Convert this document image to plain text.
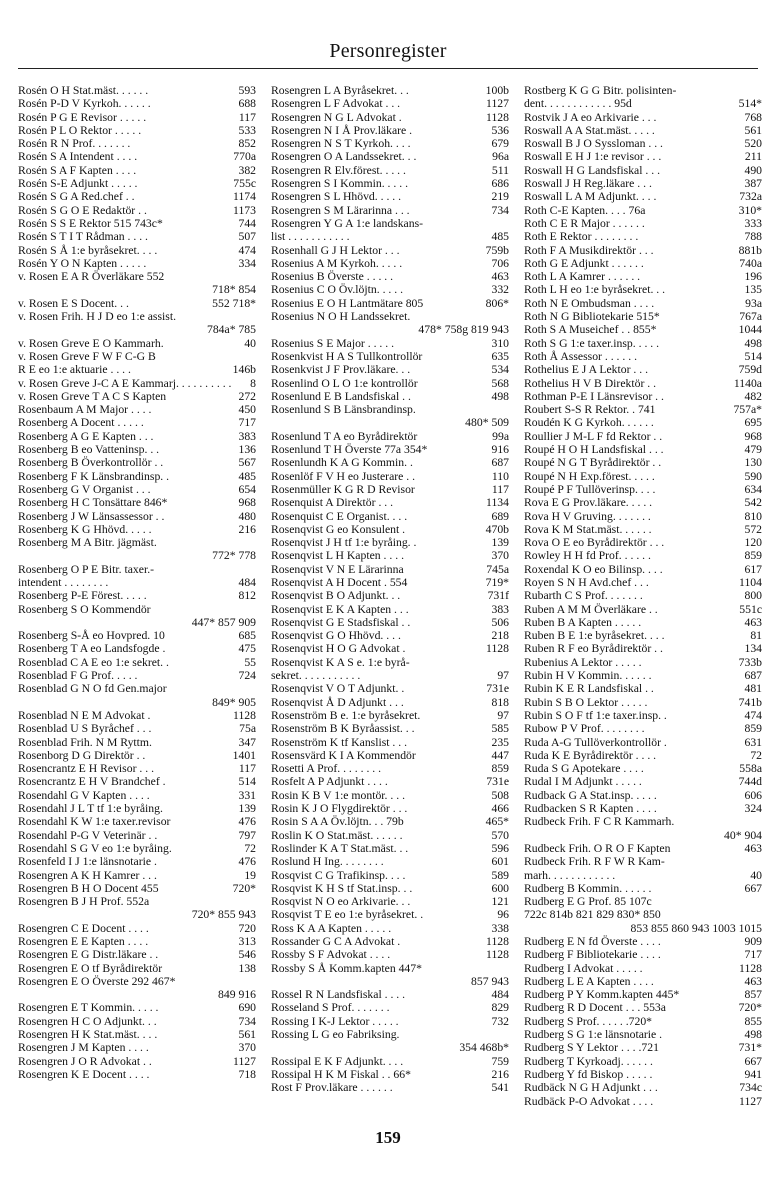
Personregister
Rosén O H Stat.mäst. . . . . .	593
Rosén P-D V Kyrkoh. . . . . .	688
Rosén P G E Revisor . . . . .	117
Rosén P L O Rektor . . . . .	533
Rosén R N Prof. . . . . . .	852
Rosén S A Intendent . . . .	770a
Rosén S A F Kapten . . . .	382
Rosén S-E Adjunkt . . . . .	755c
Rosén S G A Red.chef . .	1174
Rosén S G O E Redaktör . .	1173
Rosén S S E Rektor 515 743c*	744
Rosén S T I T Rådman . . . .	507
Rosén S Å 1:e byråsekret. . . .	474
Rosén Y O N Kapten . . . . .	334
v. Rosen E A R Överläkare 552
718* 854
v. Rosen E S Docent. . .	552 718*
v. Rosen Frih. H J D eo 1:e assist.
784a* 785
v. Rosen Greve E O Kammarh.	40
v. Rosen Greve F W F C-G B
R E eo 1:e aktuarie . . . .	146b
v. Rosen Greve J-C A E Kammarj. . . . . . . . . . 8
v. Rosen Greve T A C S Kapten	272
Rosenbaum A M Major . . . .	450
Rosenberg A Docent . . . . .	717
Rosenberg A G E Kapten . . .	383
Rosenberg B eo Vatteninsp. . .	136
Rosenberg B Överkontrollör . .	567
Rosenberg F K Länsbrandinsp. .	485
Rosenberg G V Organist . . .	654
Rosenberg H C Tonsättare 846*	968
Rosenberg J W Länsassessor . .	480
Rosenberg K G Hhövd. . . . .	216
Rosenberg M A Bitr. jägmäst.
772* 778
Rosenberg O P E Bitr. taxer.-
intendent . . . . . . . .	484
Rosenberg P-E Förest. . . . .	812
Rosenberg S O Kommendör
447* 857 909
Rosenberg S-Å eo Hovpred. 10	685
Rosenberg T A eo Landsfogde .	475
Rosenblad C A E eo 1:e sekret. .	55
Rosenblad F G Prof. . . . .	724
Rosenblad G N O fd Gen.major
849* 905
Rosenblad N E M Advokat .	1128
Rosenblad U S Byråchef . . .	75a
Rosenblad Frih. N M Ryttm.	347
Rosenborg D G Direktör . .	1401
Rosencrantz E H Revisor . . .	117
Rosencrantz E H V Brandchef .	514
Rosendahl G V Kapten . . . .	331
Rosendahl J L T tf 1:e byråing.	139
Rosendahl K W 1:e taxer.revisor	476
Rosendahl P-G V Veterinär . .	797
Rosendahl S G V eo 1:e byråing.	72
Rosenfeld I J 1:e länsnotarie .	476
Rosengren A K H Kamrer . . .	19
Rosengren B H O Docent 455	720*
Rosengren B J H Prof. 552a
720* 855 943
Rosengren C E Docent . . . .	720
Rosengren E E Kapten . . . .	313
Rosengren E G Distr.läkare . .	546
Rosengren E O tf Byrådirektör	138
Rosengren E O Överste 292 467*
849 916
Rosengren E T Kommin. . . . .	690
Rosengren H C O Adjunkt. . .	734
Rosengren H K Stat.mäst. . . .	561
Rosengren J M Kapten . . . .	370
Rosengren J O R Advokat . .	1127
Rosengren K E Docent . . . .	718
Rosengren L A Byråsekret. . .	100b
Rosengren L F Advokat . . .	1127
Rosengren N G L Advokat .	1128
Rosengren N I Å Prov.läkare .	536
Rosengren N S T Kyrkoh. . . .	679
Rosengren O A Landssekret. . .	96a
Rosengren R Elv.förest. . . . .	511
Rosengren S I Kommin. . . . .	686
Rosengren S L Hhövd. . . . .	219
Rosengren S M Lärarinna . . .	734
Rosengren Y G A 1:e landskans-
list . . . . . . . . . . .	485
Rosenhall G J H Lektor . . .	759b
Rosenius A M Kyrkoh. . . . .	706
Rosenius B Överste . . . . .	463
Rosenius C O Öv.löjtn. . . . .	332
Rosenius E O H Lantmätare 805	806*
Rosenius N O H Landssekret.
478* 758g 819 943
Rosenius S E Major . . . . .	310
Rosenkvist H A S Tullkontrollör	635
Rosenkvist J F Prov.läkare. . .	534
Rosenlind O L O 1:e kontrollör	568
Rosenlund E B Landsfiskal . .	498
Rosenlund S B Länsbrandinsp.
480* 509
Rosenlund T A eo Byrådirektör	99a
Rosenlund T H Överste 77a 354*	916
Rosenlundh K A G Kommin. .	687
Rosenlöf F V H eo Justerare . .	110
Rosenmüller K G R D Revisor	117
Rosenquist A Direktör . . .	1134
Rosenquist C E Organist. . . .	689
Rosenqvist G eo Konsulent .	470b
Rosenqvist J H tf 1:e byråing. .	139
Rosenqvist L H Kapten . . . .	370
Rosenqvist V N E Lärarinna	745a
Rosenqvist A H Docent . 554	719*
Rosenqvist B O Adjunkt. . .	731f
Rosenqvist E K A Kapten . . .	383
Rosenqvist G E Stadsfiskal . .	506
Rosenqvist G O Hhövd. . . .	218
Rosenqvist H O G Advokat .	1128
Rosenqvist K A S e. 1:e byrå-
sekret. . . . . . . . . . .	97
Rosenqvist V O T Adjunkt. .	731e
Rosenqvist Å D Adjunkt . . .	818
Rosenström B e. 1:e byråsekret.	97
Rosenström B K Byråassist. . .	585
Rosenström K tf Kanslist . . .	235
Rosensvärd K I A Kommendör	447
Rosetti A Prof. . . . . . . .	859
Rosfelt A P Adjunkt . . . .	731e
Rosin K B V 1:e montör. . . .	508
Rosin K J O Flygdirektör . . .	466
Rosin S A A Öv.löjtn. . . 79b	465*
Roslin K O Stat.mäst. . . . . .	570
Roslinder K A T Stat.mäst. . .	596
Roslund H Ing. . . . . . . .	601
Rosqvist C G Trafikinsp. . . .	589
Rosqvist K H S tf Stat.insp. . .	600
Rosqvist N O eo Arkivarie. . .	121
Rosqvist T E eo 1:e byråsekret. .	96
Ross K A A Kapten . . . . .	338
Rossander G C A Advokat .	1128
Rossby S F Advokat . . . .	1128
Rossby S Å Komm.kapten 447*
857 943
Rossel R N Landsfiskal . . . .	484
Rosseland S Prof. . . . . . .	829
Rossing I K-J Lektor . . . . .	732
Rossing L G eo Fabriksing.
354 468b*
Rossipal E K F Adjunkt. . . .	759
Rossipal H K M Fiskal . . 66*	216
Rost F Prov.läkare . . . . . .	541
Rostberg K G G Bitr. polisinten-
dent. . . . . . . . . . . . 95d	514*
Rostvik J A eo Arkivarie . . .	768
Roswall A A Stat.mäst. . . . .	561
Roswall B J O Syssloman . . .	520
Roswall E H J 1:e revisor . . .	211
Roswall H G Landsfiskal . . .	490
Roswall J H Reg.läkare . . .	387
Roswall L A M Adjunkt. . . .	732a
Roth C-E Kapten. . . . 76a	310*
Roth C E R Major . . . . . .	333
Roth E Rektor . . . . . . . .	788
Roth F A Musikdirektör . . .	881b
Roth G E Adjunkt . . . . . .	740a
Roth L A Kamrer . . . . . .	196
Roth L H eo 1:e byråsekret. . .	135
Roth N E Ombudsman . . . .	93a
Roth N G Bibliotekarie 515*	767a
Roth S A Museichef . . 855*	1044
Roth S G 1:e taxer.insp. . . . .	498
Roth Å Assessor . . . . . .	514
Rothelius E J A Lektor . . .	759d
Rothelius H V B Direktör . .	1140a
Rothman P-E I Länsrevisor . .	482
Roubert S-S R Rektor. . 741	757a*
Roudén K G Kyrkoh. . . . . .	695
Roullier J M-L F fd Rektor . .	968
Roupé H O H Landsfiskal . . .	479
Roupé N G T Byrådirektör . .	130
Roupé N H Exp.förest. . . . .	590
Roupé P F Tullöverinsp. . . .	634
Rova E G Prov.läkare. . . . .	542
Rova H V Gruving. . . . . . .	810
Rova K M Stat.mäst. . . . . .	572
Rova O E eo Byrådirektör . . .	120
Rowley H H fd Prof. . . . . .	859
Roxendal K O eo Bilinsp. . . .	617
Royen S N H Avd.chef . . .	1104
Rubarth C S Prof. . . . . . .	800
Ruben A M M Överläkare . .	551c
Ruben B A Kapten . . . . .	463
Ruben B E 1:e byråsekret. . . .	81
Ruben R F eo Byrådirektör . .	134
Rubenius A Lektor . . . . .	733b
Rubin H V Kommin. . . . . .	687
Rubin K E R Landsfiskal . .	481
Rubin S B O Lektor . . . . .	741b
Rubin S O F tf 1:e taxer.insp. .	474
Rubow P V Prof. . . . . . . .	859
Ruda A-G Tullöverkontrollör .	631
Ruda K E Byrådirektör . . . .	72
Ruda S G Apotekare . . . .	558a
Rudal I M Adjunkt . . . . .	744d
Rudback G A Stat.insp. . . . .	606
Rudbacken S R Kapten . . . .	324
Rudbeck Frih. F C R Kammarh.
40* 904
Rudbeck Frih. O R O F Kapten	463
Rudbeck Frih. R F W R Kam-
marh. . . . . . . . . . . .	40
Rudberg B Kommin. . . . . .	667
Rudberg E G Prof. 85 107c
722c 814b 821 829 830* 850
853 855 860 943 1003 1015
Rudberg E N fd Överste . . . .	909
Rudberg F Bibliotekarie . . . .	717
Rudberg I Advokat . . . . .	1128
Rudberg L E A Kapten . . . .	463
Rudberg P Y Komm.kapten 445*	857
Rudberg R D Docent . . . 553a	720*
Rudberg S Prof. . . . . .720*	855
Rudberg S G 1:e länsnotarie .	498
Rudberg S Y Lektor . . . .721	731*
Rudberg T Kyrkoadj. . . . . .	667
Rudberg Y fd Biskop . . . . .	941
Rudbäck N G H Adjunkt . . .	734c
Rudbäck P-O Advokat . . . .	1127
159
